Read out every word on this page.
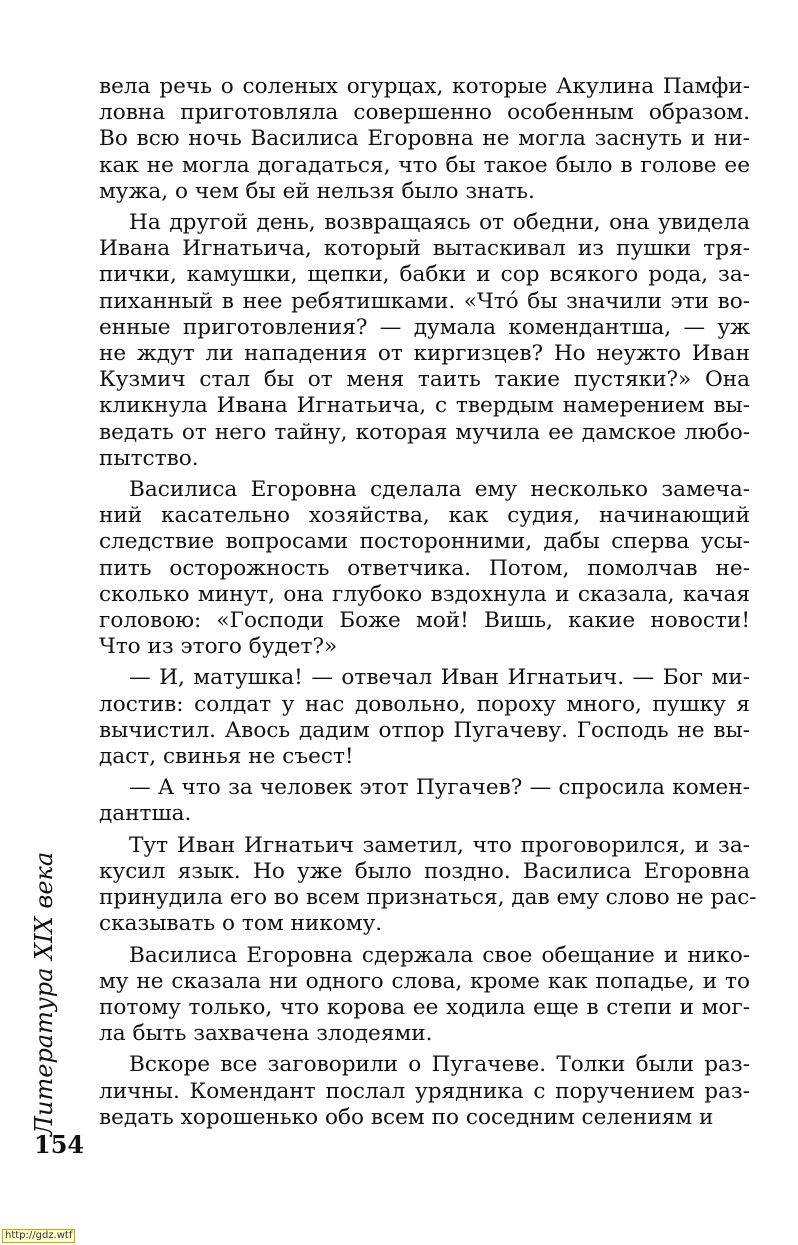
вела речь о соленых огурцах, которые Акулина Памфи-
ловна приготовляла совершенно особенным образом.
Во всю ночь Василиса Егоровна не могла заснуть и ни-
как не могла догадаться, что бы такое было в голове ее
мужа, о чем бы ей нельзя было знать.

На другой день, возвращаясь от обедни, она увидела
Ивана Игнатьича, который вытаскивал из пушки тря-
пички, камушки, щепки, бабки и сор всякого рода, за-
пиханный в нее ребятишками. «Что́ бы значили эти во-
енные приготовления? — думала комендантша, — уж
не ждут ли нападения от киргизцев? Но неужто Иван
Кузмич стал бы от меня таить такие пустяки?» Она
кликнула Ивана Игнатьича, с твердым намерением вы-
ведать от него тайну, которая мучила ее дамское любо-
пытство.

Василиса Егоровна сделала ему несколько замеча-
ний касательно хозяйства, как судия, начинающий
следствие вопросами посторонними, дабы сперва усы-
пить осторожность ответчика. Потом, помолчав не-
сколько минут, она глубоко вздохнула и сказала, качая
головою: «Господи Боже мой! Вишь, какие новости!
Что из этого будет?»

— И, матушка! — отвечал Иван Игнатьич. — Бог ми-
лостив: солдат у нас довольно, пороху много, пушку я
вычистил. Авось дадим отпор Пугачеву. Господь не вы-
даст, свинья не съест!

— А что за человек этот Пугачев? — спросила комен-
дантша.

Тут Иван Игнатьич заметил, что проговорился, и за-
кусил язык. Но уже было поздно. Василиса Егоровна
принудила его во всем признаться, дав ему слово не рас-
сказывать о том никому.

Василиса Егоровна сдержала свое обещание и нико-
му не сказала ни одного слова, кроме как попадье, и то
потому только, что корова ее ходила еще в степи и мог-
ла быть захвачена злодеями.

Вскоре все заговорили о Пугачеве. Толки были раз-
личны. Комендант послал урядника с поручением раз-
ведать хорошенько обо всем по соседним селениям и

Литература XIX века
154
http://gdz.wtf
